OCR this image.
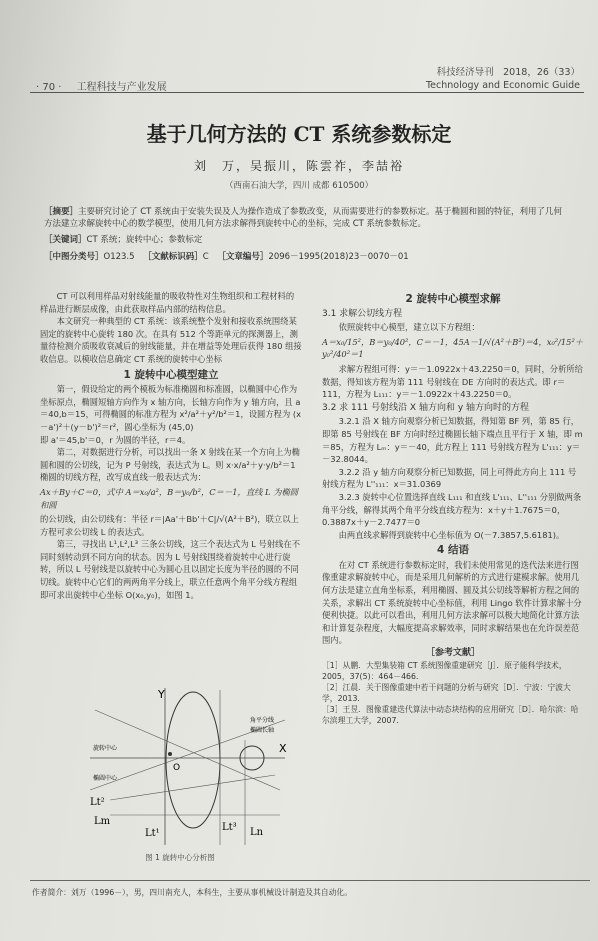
· 70 · 工程科技与产业发展
科技经济导刊　2018，26（33）
Technology and Economic Guide
基于几何方法的 CT 系统参数标定
刘　万，吴振川，陈雲祚，李喆裕
（西南石油大学，四川 成都 610500）
［摘要］主要研究讨论了 CT 系统由于安装失误及人为操作造成了参数改变，从而需要进行的参数标定。基于椭圆和圆的特征，利用了几何方法建立求解旋转中心的数学模型，使用几何方法求解得到旋转中心的坐标，完成 CT 系统参数标定。
［关键词］CT 系统；旋转中心；参数标定
［中图分类号］O123.5 ［文献标识码］C ［文章编号］2096－1995(2018)23－0070－01

CT 可以利用样品对射线能量的吸收特性对生物组织和工程材料的样品进行断层成像，由此获取样品内部的结构信息。

本文研究一种典型的 CT 系统：该系统整个发射和接收系统围绕某固定的旋转中心旋转 180 次。在具有 512 个等距单元的探测器上，测量待检测介质吸收衰减后的射线能量，并在增益等处理后获得 180 组接收信息。以模收信息确定 CT 系统的旋转中心坐标

1 旋转中心模型建立

第一，假设给定的两个模板为标准椭圆和标准圆，以椭圆中心作为坐标原点，椭圆短轴方向作为 x 轴方向，长轴方向作为 y 轴方向，且 a＝40,b＝15，可得椭圆的标准方程为 x²/a²＋y²/b²＝1，设圆方程为 (x－a')²＋(y－b')²＝r²，圆心坐标为 (45,0)

即 a'＝45,b'＝0，r 为圆的半径，r＝4。

第二，对数据进行分析，可以找出一条 X 射线在某一个方向上为椭圆和圆的公切线，记为 P 号射线，表达式为 L。则 x·x/a²＋y·y/b²＝1 椭圆的切线方程，改写成直线一般表达式为：

Ax＋By＋C＝0，式中 A＝x₀/a²，B＝y₀/b²，C＝－1，直线 L 为椭圆和圆

的公切线，由公切线有：半径 r＝|Aa'＋Bb'＋C|/√(A²＋B²)，联立以上方程可求公切线 L 的表达式。

第三，寻找出 L¹,L²,L³ 三条公切线，这三个表达式为 L 号射线在不同时刻转动到不同方向的状态。因为 L 号射线围绕着旋转中心进行旋转，所以 L 号射线是以旋转中心为圆心且以固定长度为半径的圆的不同切线。旋转中心它们的两两角平分线上，联立任意两个角平分线方程组即可求出旋转中心坐标 O(x₀,y₀)，如图 1。

Y
X
O
旋转中心
椭圆中心
角平分线
椭圆长轴
Lt²
Lm
Lt¹
Lt³ Ln
图 1 旋转中心分析图

2 旋转中心模型求解

3.1 求解公切线方程

依照旋转中心模型，建立以下方程组：

A＝x₀/15²，B＝y₀/40²，C＝－1，45A－1/√(A²＋B²)＝4，x₀²/15²＋y₀²/40²＝1

求解方程组可得：y＝－1.0922x＋43.2250＝0，同时，分析所给数据，得知该方程为第 111 号射线在 DE 方向时的表达式。即 r＝111，方程为 L₁₁₁：y＝－1.0922x＋43.2250＝0。

3.2 求 111 号射线沿 X 轴方向和 y 轴方向时的方程

3.2.1 沿 X 轴方向观察分析已知数据，得知第 BF 列，第 85 行，即第 85 号射线在 BF 方向时经过椭圆长轴下端点且平行于 X 轴，即 m＝85，方程为 Lₘ：y＝－40，此方程上 111 号射线方程为 L'₁₁₁：y＝－32.8044。

3.2.2 沿 y 轴方向观察分析已知数据，同上可得此方向上 111 号射线方程为 L''₁₁₁：x＝31.0369

3.2.3 旋转中心位置选择直线 L₁₁₁ 和直线 L'₁₁₁、L''₁₁₁ 分别做两条角平分线，解得其两个角平分线直线方程为：x＋y＋1.7675＝0，0.3887x＋y－2.7477＝0

由两直线求解得到旋转中心坐标值为 O(－7.3857,5.6181)。

4 结语

在对 CT 系统进行参数标定时，我们未使用常见的迭代法来进行图像重建求解旋转中心，而是采用几何解析的方式进行建模求解。使用几何方法是建立直角坐标系，利用椭圆、圆及其公切线等解析方程之间的关系，求解出 CT 系统旋转中心坐标值，利用 Lingo 软件计算求解十分便利快捷。以此可以看出，利用几何方法求解可以极大地简化计算方法和计算复杂程度，大幅度提高求解效率，同时求解结果也在允许误差范围内。

［参考文献］

［1］从鹏．大型集装箱 CT 系统图像重建研究［J］．原子能科学技术，2005，37(5)：464－466．

［2］江晨．关于图像重建中若干问题的分析与研究［D］．宁波：宁波大学，2013．

［3］王昱．图像重建迭代算法中动态块结构的应用研究［D］．哈尔滨：哈尔滨理工大学，2007．

作者简介：刘万（1996－），男，四川南充人，本科生，主要从事机械设计制造及其自动化。
